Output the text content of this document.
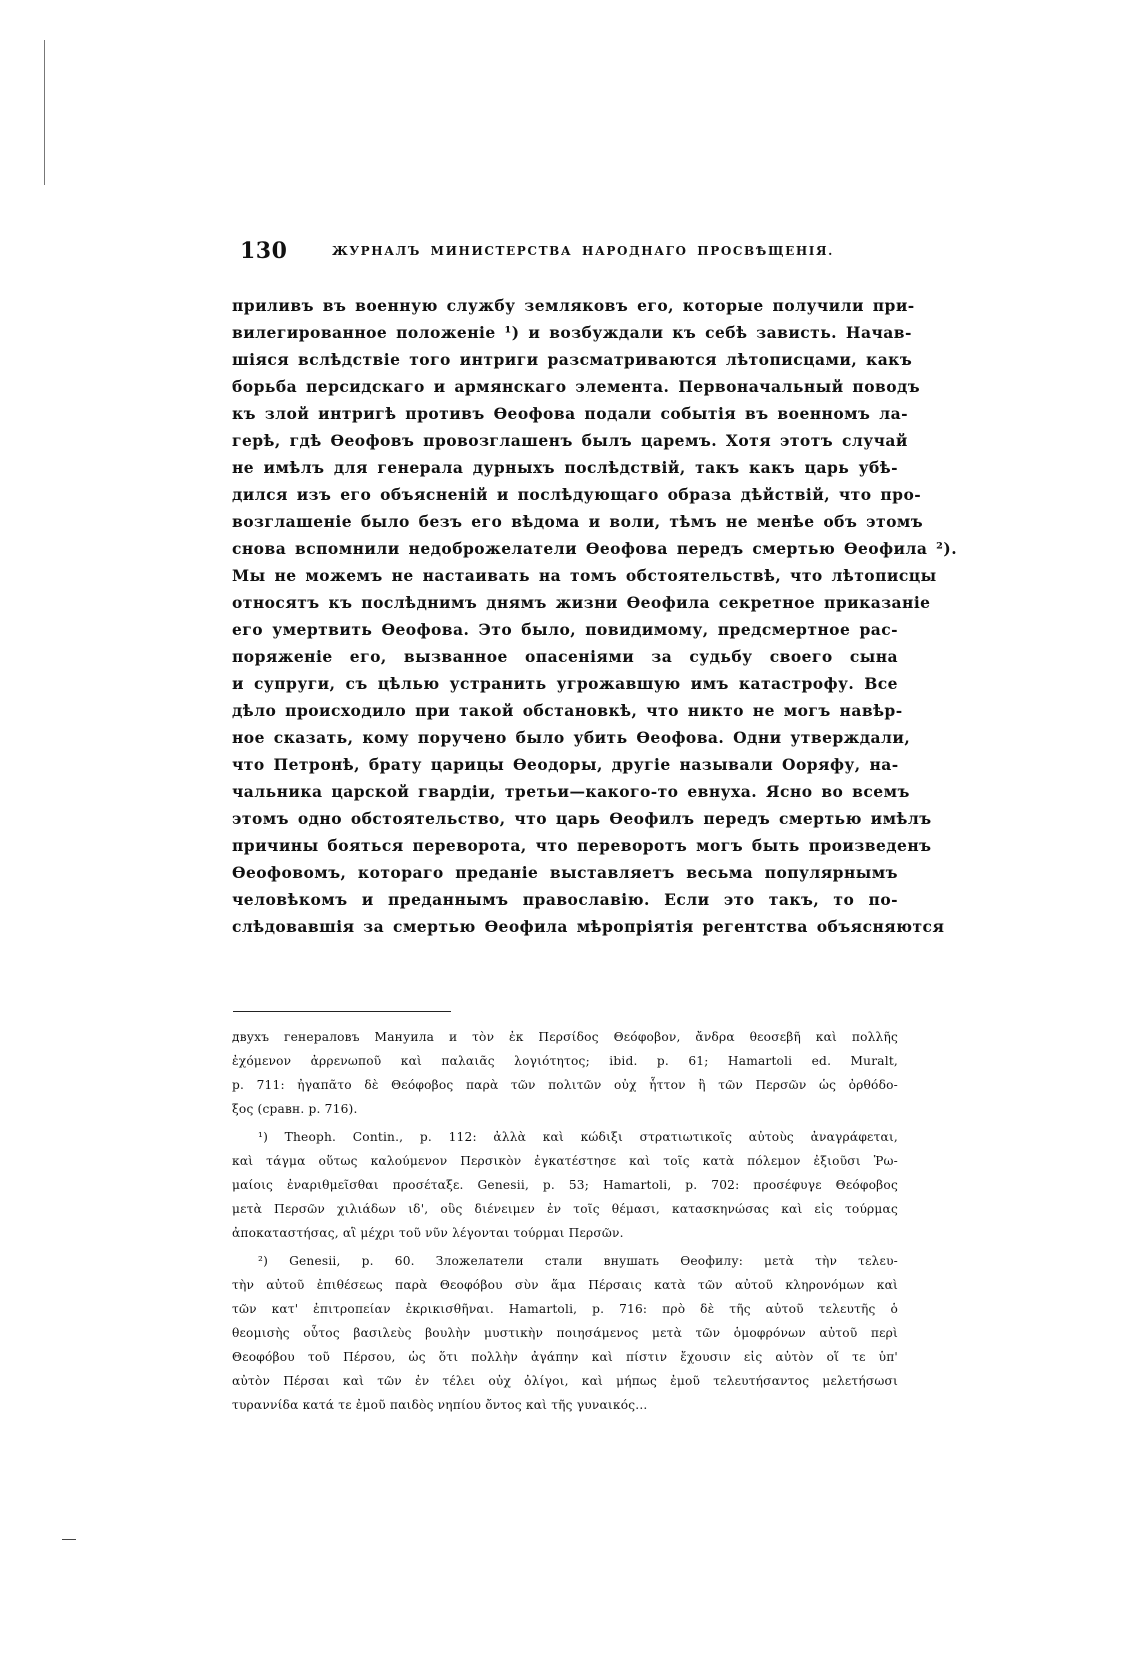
130	ЖУРНАЛЪ МИНИСТЕРСТВА НАРОДНАГО ПРОСВѢЩЕНІЯ.
приливъ въ военную службу земляковъ его, которые получили при-
вилегированное положеніе ¹) и возбуждали къ себѣ зависть. Начав-
шіяся вслѣдствіе того интриги разсматриваются лѣтописцами, какъ
борьба персидскаго и армянскаго элемента. Первоначальный поводъ
къ злой интригѣ противъ Ѳеофова подали событія въ военномъ ла-
герѣ, гдѣ Ѳеофовъ провозглашенъ былъ царемъ. Хотя этотъ случай
не имѣлъ для генерала дурныхъ послѣдствій, такъ какъ царь убѣ-
дился изъ его объясненій и послѣдующаго образа дѣйствій, что про-
возглашеніе было безъ его вѣдома и воли, тѣмъ не менѣе объ этомъ
снова вспомнили недоброжелатели Ѳеофова передъ смертью Ѳеофила ²).
Мы не можемъ не настаивать на томъ обстоятельствѣ, что лѣтописцы
относятъ къ послѣднимъ днямъ жизни Ѳеофила секретное приказаніе
его умертвить Ѳеофова. Это было, повидимому, предсмертное рас-
поряженіе его, вызванное опасеніями за судьбу своего сына
и супруги, съ цѣлью устранить угрожавшую имъ катастрофу. Все
дѣло происходило при такой обстановкѣ, что никто не могъ навѣр-
ное сказать, кому поручено было убить Ѳеофова. Одни утверждали,
что Петронѣ, брату царицы Ѳеодоры, другіе называли Ооряфу, на-
чальника царской гвардіи, третьи—какого-то евнуха. Ясно во всемъ
этомъ одно обстоятельство, что царь Ѳеофилъ передъ смертью имѣлъ
причины бояться переворота, что переворотъ могъ быть произведенъ
Ѳеофовомъ, котораго преданіе выставляетъ весьма популярнымъ
человѣкомъ и преданнымъ православію. Если это такъ, то по-
слѣдовавшія за смертью Ѳеофила мѣропріятія регентства объясняются
двухъ генераловъ Мануила и τὸν ἐκ Περσίδος Θεόφοβον, ἄνδρα θεοσεβῆ καὶ πολλῆς
ἐχόμενον ἀρρενωποῦ καὶ παλαιᾶς λογιότητος; ibid. p. 61; Hamartoli ed. Muralt,
p. 711: ἠγαπᾶτο δὲ Θεόφοβος παρὰ τῶν πολιτῶν οὐχ ἧττον ἢ τῶν Περσῶν ὡς ὀρθόδο-
ξος (сравн. p. 716).
¹) Theoph. Contin., p. 112: ἀλλὰ καὶ κώδιξι στρατιωτικοῖς αὐτοὺς ἀναγράφεται,
καὶ τάγμα οὕτως καλούμενον Περσικὸν ἐγκατέστησε καὶ τοῖς κατὰ πόλεμον ἐξιοῦσι Ῥω-
μαίοις ἐναριθμεῖσθαι προσέταξε. Genesii, p. 53; Hamartoli, p. 702: προσέφυγε Θεόφοβος
μετὰ Περσῶν χιλιάδων ιδ', οὓς διένειμεν ἐν τοῖς θέμασι, κατασκηνώσας καὶ εἰς τούρμας
ἀποκαταστήσας, αἳ μέχρι τοῦ νῦν λέγονται τούρμαι Περσῶν.
²) Genesii, p. 60. Зложелатели стали внушать Ѳеофилу: μετὰ τὴν τελευ-
τὴν αὐτοῦ ἐπιθέσεως παρὰ Θεοφόβου σὺν ἅμα Πέρσαις κατὰ τῶν αὐτοῦ κληρονόμων καὶ
τῶν κατ' ἐπιτροπείαν ἐκρικισθῆναι. Hamartoli, p. 716: πρὸ δὲ τῆς αὐτοῦ τελευτῆς ὁ
θεομισὴς οὗτος βασιλεὺς βουλὴν μυστικὴν ποιησάμενος μετὰ τῶν ὁμοφρόνων αὐτοῦ περὶ
Θεοφόβου τοῦ Πέρσου, ὡς ὅτι πολλὴν ἀγάπην καὶ πίστιν ἔχουσιν εἰς αὐτὸν οἵ τε ὑπ'
αὐτὸν Πέρσαι καὶ τῶν ἐν τέλει οὐχ ὀλίγοι, καὶ μήπως ἐμοῦ τελευτήσαντος μελετήσωσι
τυραννίδα κατά τε ἐμοῦ παιδὸς νηπίου ὄντος καὶ τῆς γυναικός...
